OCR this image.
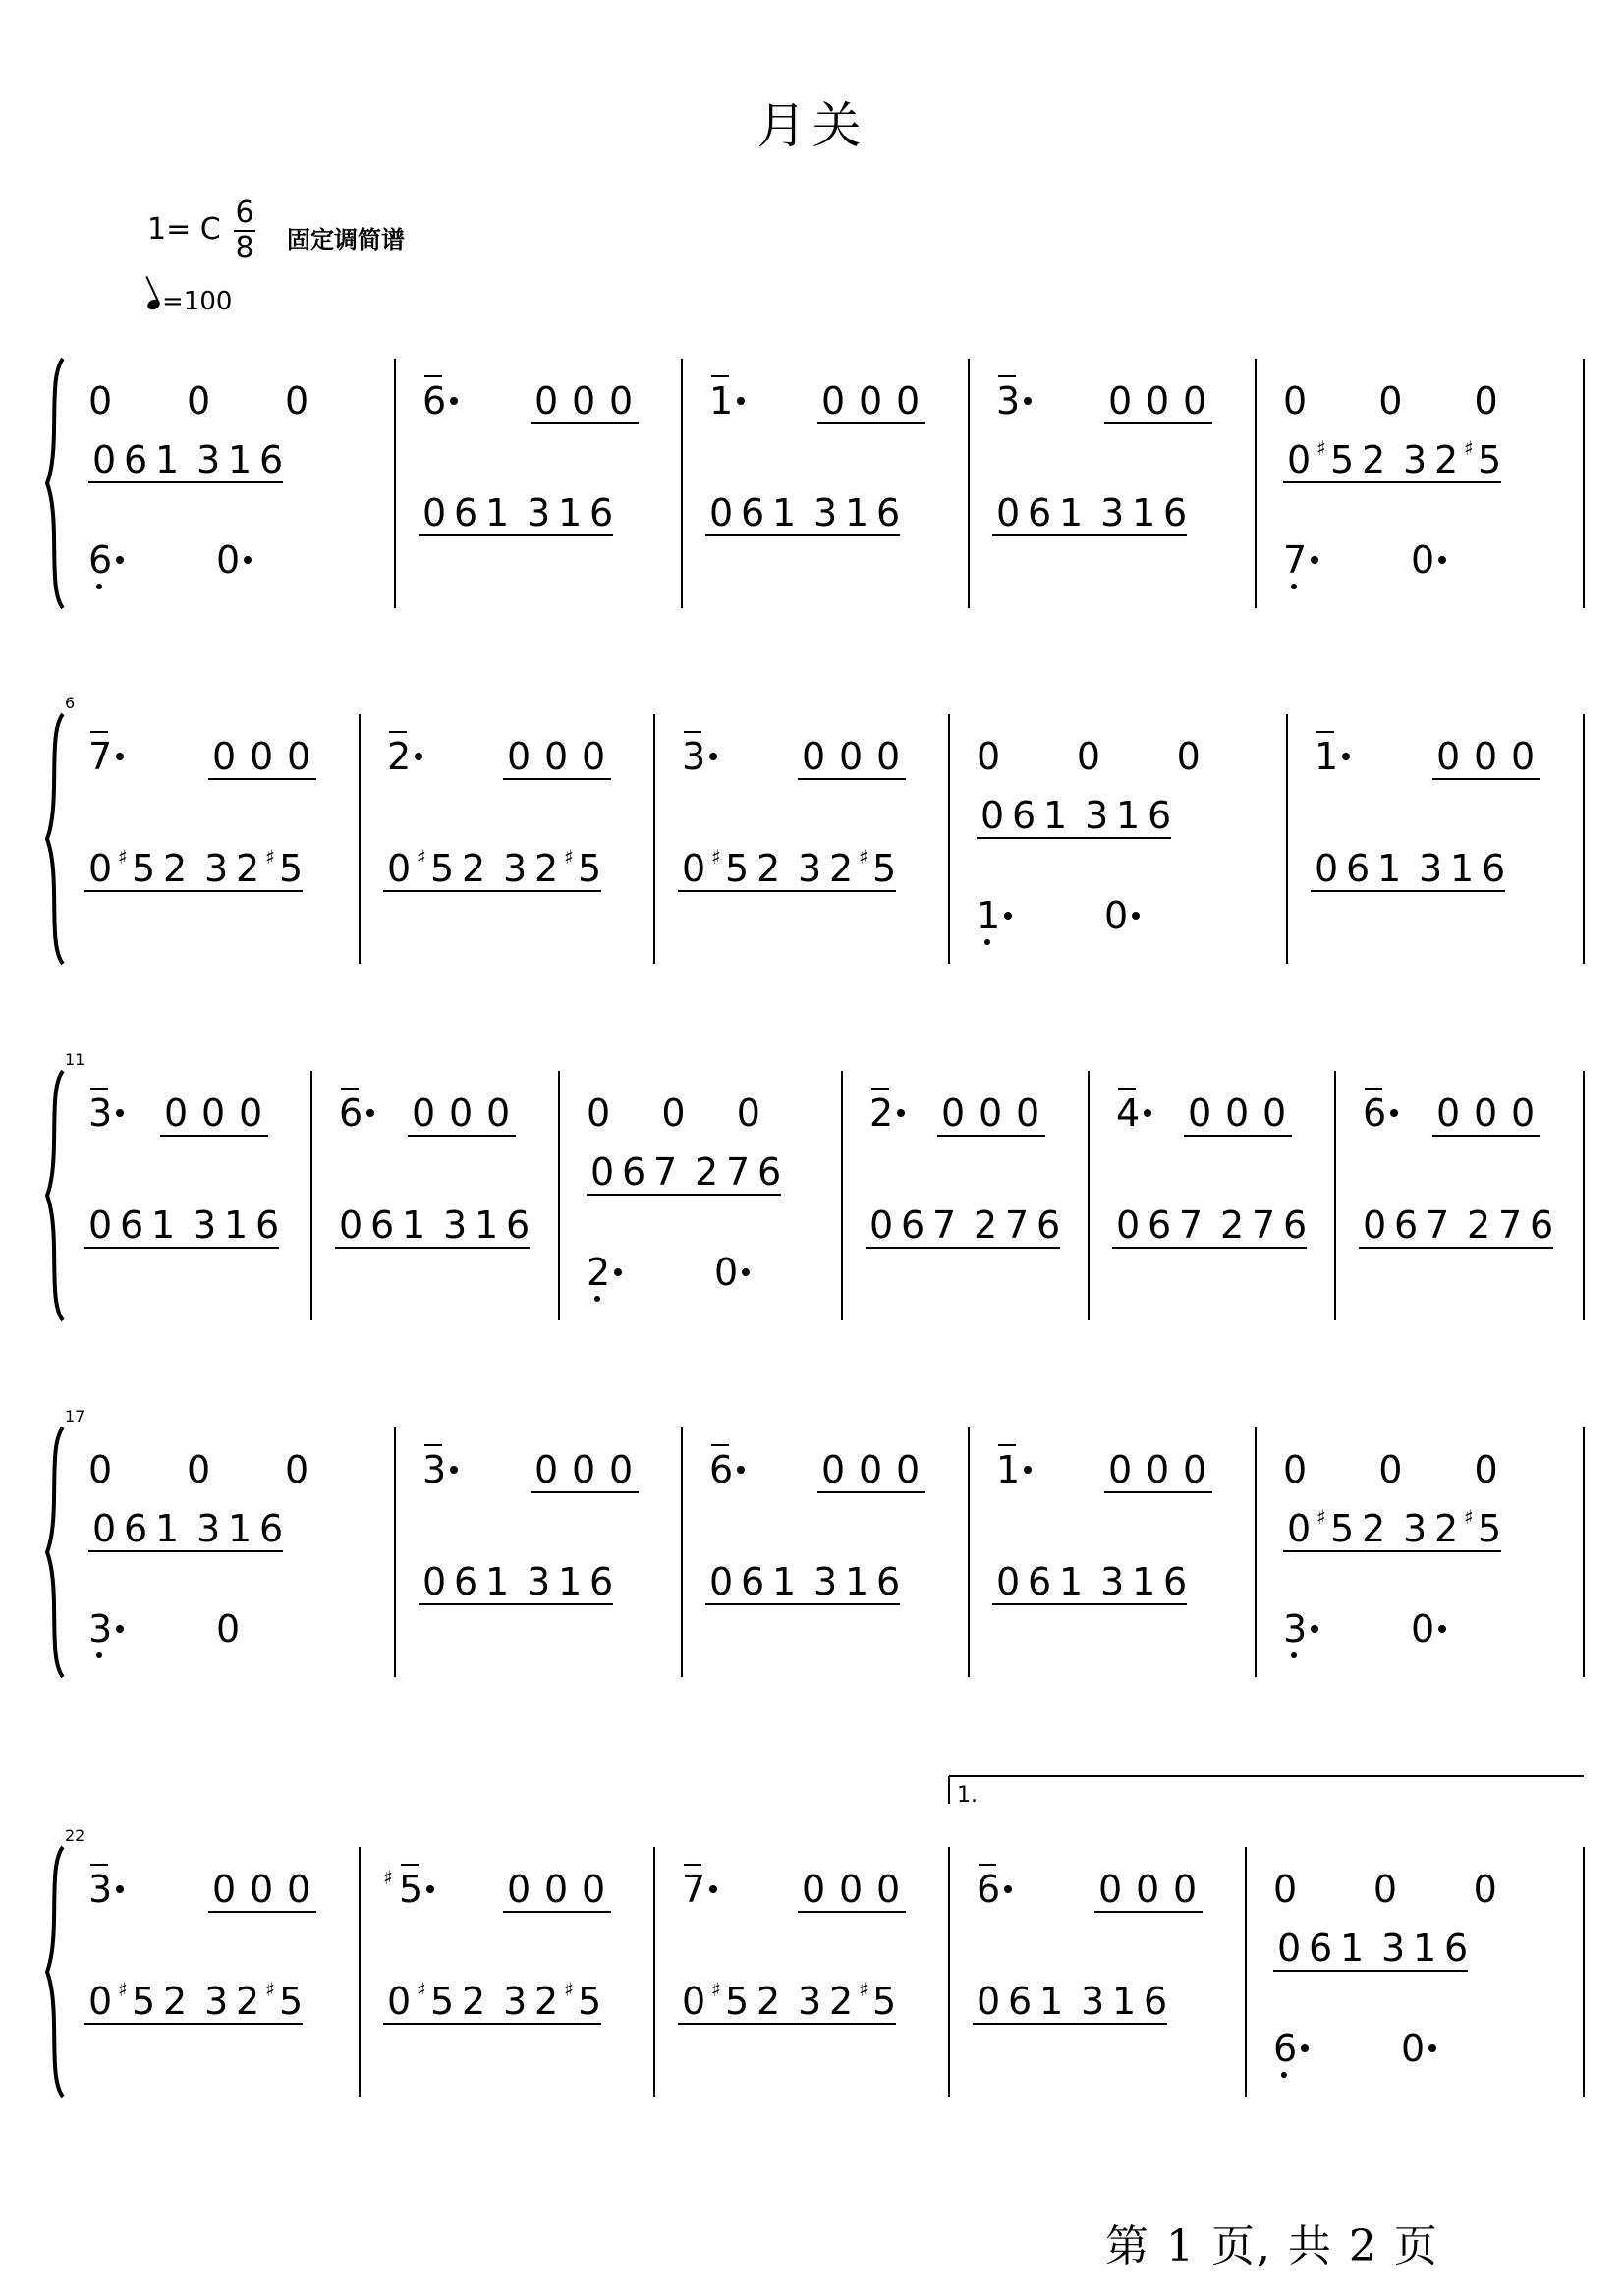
月关
1= C 6
8 固定调简谱
=100
0 0 0
0 6 1 3 1 6
6	0
6 0 0 0
0 6 1 3 1 6
1 0 0 0
0 6 1 3 1 6
3 0 0 0
0 6 1 3 1 6
0 0 0
0 ♯ 5 2 3 2 ♯ 5
7	0
6
7	0 0 0
0 ♯ 5 2 3 2 ♯ 5
2	0 0 0
0 ♯ 5 2 3 2 ♯ 5
3	0 0 0
0 ♯ 5 2 3 2 ♯ 5
0 0 0
0 6 1 3 1 6
1	0
1	0 0 0
0 6 1 3 1 6
11
3 0 0 0
0 6 1 3 1 6
6 0 0 0
0 6 1 3 1 6
0 0 0
0 6 7 2 7 6
2	0
2 0 0 0
0 6 7 2 7 6
4 0 0 0
0 6 7 2 7 6
6 0 0 0
0 6 7 2 7 6
17
0 0 0
0 6 1 3 1 6
3	0
3 0 0 0
0 6 1 3 1 6
6 0 0 0
0 6 1 3 1 6
1 0 0 0
0 6 1 3 1 6
0 0 0
0 ♯ 5 2 3 2 ♯ 5
3	0
22
3	0 0 0
0 ♯ 5 2 3 2 ♯ 5
♯ 5 0 0 0
0 ♯ 5 2 3 2 ♯ 5
7	0 0 0
0 ♯ 5 2 3 2 ♯ 5
6	0 0 0
0 6 1 3 1 6
0 0 0
0 6 1 3 1 6
6	0
1.
第 1 页, 共 2 页
